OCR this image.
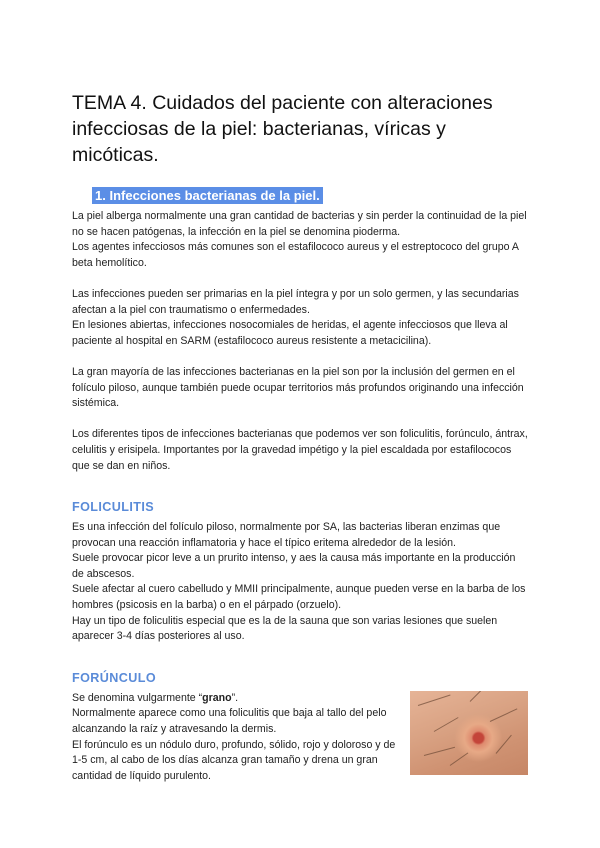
TEMA 4. Cuidados del paciente con alteraciones infecciosas de la piel: bacterianas, víricas y micóticas.
1. Infecciones bacterianas de la piel.

La piel alberga normalmente una gran cantidad de bacterias y sin perder la continuidad de la piel no se hacen patógenas, la infección en la piel se denomina pioderma.

Los agentes infecciosos más comunes son el estafilococo aureus y el estreptococo del grupo A beta hemolítico.

Las infecciones pueden ser primarias en la piel íntegra y por un solo germen, y las secundarias afectan a la piel con traumatismo o enfermedades.

En lesiones abiertas, infecciones nosocomiales de heridas, el agente infecciosos que lleva al paciente al hospital en SARM (estafilococo aureus resistente a metacicilina).

La gran mayoría de las infecciones bacterianas en la piel son por la inclusión del germen en el folículo piloso, aunque también puede ocupar territorios más profundos originando una infección sistémica.

Los diferentes tipos de infecciones bacterianas que podemos ver son foliculitis, forúnculo, ántrax, celulitis y erisipela. Importantes por la gravedad impétigo y la piel escaldada por estafilococos que se dan en niños.

FOLICULITIS

Es una infección del folículo piloso, normalmente por SA, las bacterias liberan enzimas que provocan una reacción inflamatoria y hace el típico eritema alrededor de la lesión.

Suele provocar picor leve a un prurito intenso, y aes la causa más importante en la producción de abscesos.

Suele afectar al cuero cabelludo y MMII principalmente, aunque pueden verse en la barba de los hombres (psicosis en la barba) o en el párpado (orzuelo).

Hay un tipo de foliculitis especial que es la de la sauna que son varias lesiones que suelen aparecer 3-4 días posteriores al uso.

FORÚNCULO

Se denomina vulgarmente “grano”.

Normalmente aparece como una foliculitis que baja al tallo del pelo alcanzando la raíz y atravesando la dermis.

El forúnculo es un nódulo duro, profundo, sólido, rojo y doloroso y de 1-5 cm, al cabo de los días alcanza gran tamaño y drena un gran cantidad de líquido purulento.
